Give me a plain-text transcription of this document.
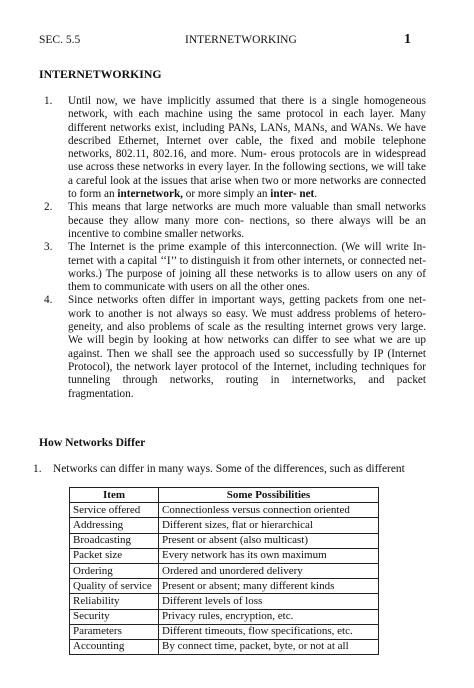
SEC. 5.5	INTERNETWORKING	1
INTERNETWORKING
1. Until now, we have implicitly assumed that there is a single homogeneous network, with each machine using the same protocol in each layer. Many different networks exist, including PANs, LANs, MANs, and WANs. We have described Ethernet, Internet over cable, the fixed and mobile telephone networks, 802.11, 802.16, and more. Num- erous protocols are in widespread use across these networks in every layer. In the following sections, we will take a careful look at the issues that arise when two or more networks are connected to form an internetwork, or more simply an inter- net.
2. This means that large networks are much more valuable than small networks because they allow many more con- nections, so there always will be an incentive to combine smaller networks.
3. The Internet is the prime example of this interconnection. (We will write In- ternet with a capital ‘‘I’’ to distinguish it from other internets, or connected net- works.) The purpose of joining all these networks is to allow users on any of them to communicate with users on all the other ones.
4. Since networks often differ in important ways, getting packets from one net- work to another is not always so easy. We must address problems of hetero- geneity, and also problems of scale as the resulting internet grows very large. We will begin by looking at how networks can differ to see what we are up against. Then we shall see the approach used so successfully by IP (Internet Protocol), the network layer protocol of the Internet, including techniques for tunneling through networks, routing in internetworks, and packet fragmentation.
How Networks Differ
1. Networks can differ in many ways. Some of the differences, such as different
Item	Some Possibilities
Service offered	Connectionless versus connection oriented
Addressing	Different sizes, flat or hierarchical
Broadcasting	Present or absent (also multicast)
Packet size	Every network has its own maximum
Ordering	Ordered and unordered delivery
Quality of service	Present or absent; many different kinds
Reliability	Different levels of loss
Security	Privacy rules, encryption, etc.
Parameters	Different timeouts, flow specifications, etc.
Accounting	By connect time, packet, byte, or not at all
